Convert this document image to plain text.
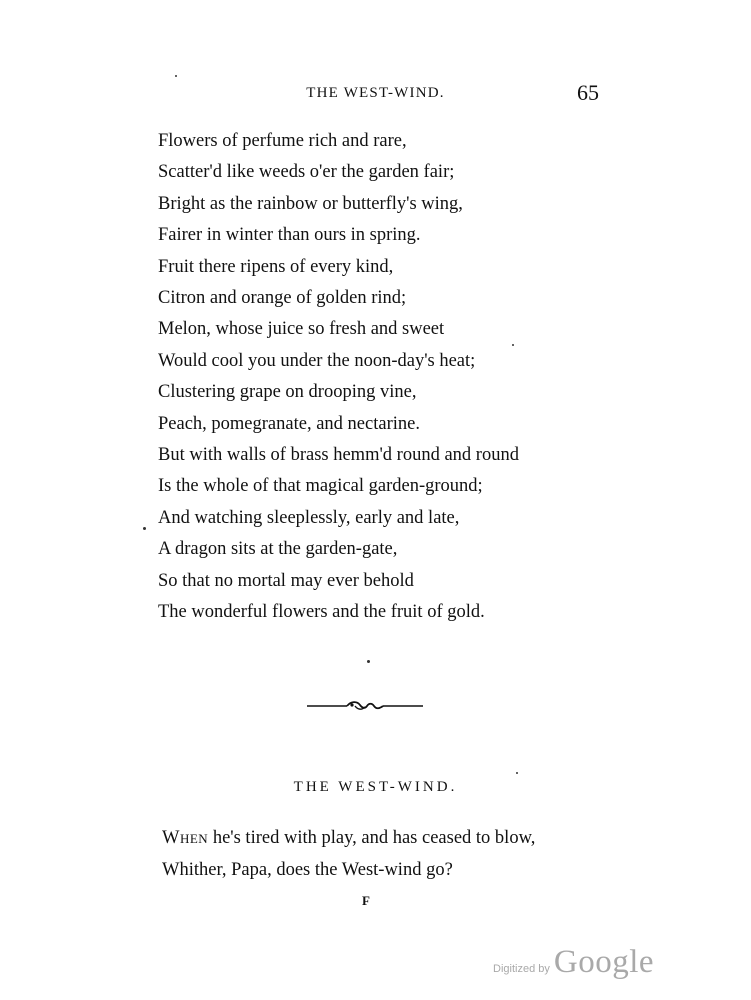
THE WEST-WIND.	65

Flowers of perfume rich and rare,
Scatter'd like weeds o'er the garden fair;
Bright as the rainbow or butterfly's wing,
Fairer in winter than ours in spring.
Fruit there ripens of every kind,
Citron and orange of golden rind;
Melon, whose juice so fresh and sweet
Would cool you under the noon-day's heat;
Clustering grape on drooping vine,
Peach, pomegranate, and nectarine.
But with walls of brass hemm'd round and round
Is the whole of that magical garden-ground;
And watching sleeplessly, early and late,
A dragon sits at the garden-gate,
So that no mortal may ever behold
The wonderful flowers and the fruit of gold.

THE WEST-WIND.

When he's tired with play, and has ceased to blow,
Whither, Papa, does the West-wind go?

F

Digitized by Google
